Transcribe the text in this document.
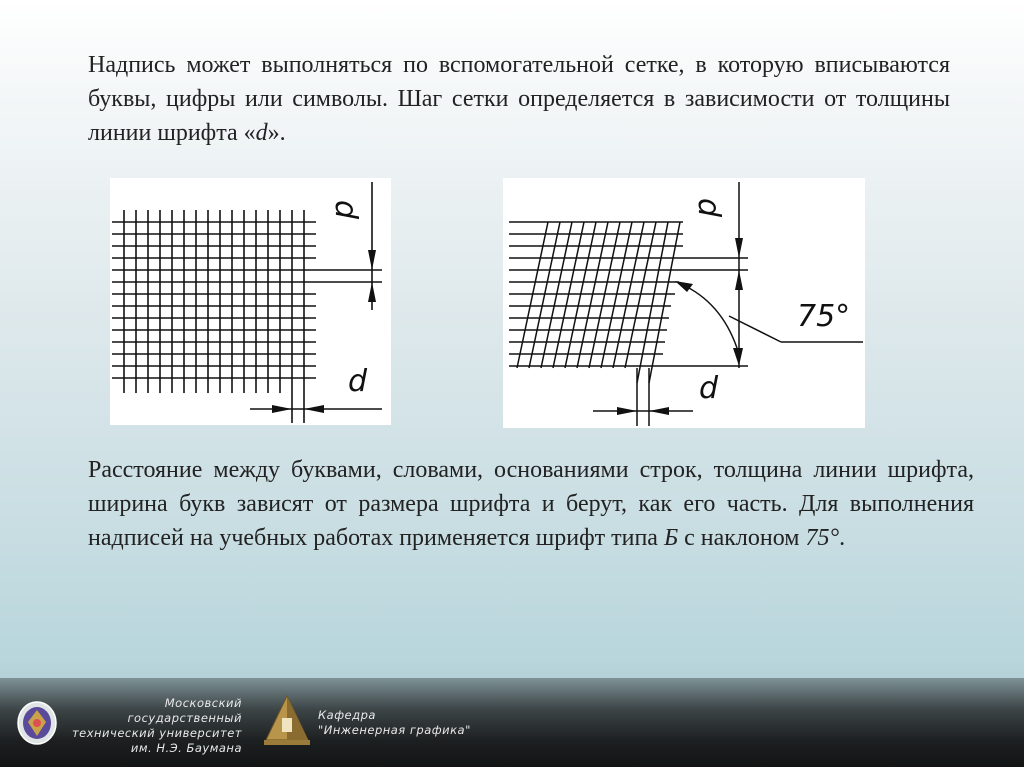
Надпись может выполняться по вспомогательной сетке, в которую вписываются буквы, цифры или символы. Шаг сетки определяется в зависимости от толщины линии шрифта «d».

d
d
d
d
75°

Расстояние между буквами, словами, основаниями строк, толщина линии шрифта, ширина букв зависят от размера шрифта и берут, как его часть. Для выполнения надписей на учебных работах применяется шрифт типа Б с наклоном 75°.

Московский государственный
технический университет
им. Н.Э. Баумана
Кафедра
"Инженерная графика"
